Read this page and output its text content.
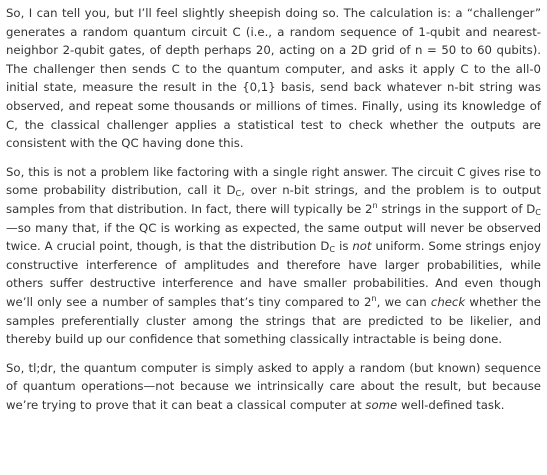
So, I can tell you, but I’ll feel slightly sheepish doing so. The calculation is: a “challenger” generates a random quantum circuit C (i.e., a random sequence of 1-qubit and nearest-neighbor 2-qubit gates, of depth perhaps 20, acting on a 2D grid of n = 50 to 60 qubits). The challenger then sends C to the quantum computer, and asks it apply C to the all-0 initial state, measure the result in the {0,1} basis, send back whatever n-bit string was observed, and repeat some thousands or millions of times. Finally, using its knowledge of C, the classical challenger applies a statistical test to check whether the outputs are consistent with the QC having done this.

So, this is not a problem like factoring with a single right answer. The circuit C gives rise to some probability distribution, call it $D_C$, over n-bit strings, and the problem is to output samples from that distribution. In fact, there will typically be 2$^n$ strings in the support of $D_C—so$ many that, if the QC is working as expected, the same output will never be observed twice. A crucial point, though, is that the distribution $D_C$ is not uniform. Some strings enjoy constructive interference of amplitudes and therefore have larger probabilities, while others suffer destructive interference and have smaller probabilities. And even though we’ll only see a number of samples that’s tiny compared to 2$^n$, we can check whether the samples preferentially cluster among the strings that are predicted to be likelier, and thereby build up our confidence that something classically intractable is being done.

So, tl;dr, the quantum computer is simply asked to apply a random (but known) sequence of quantum operations—not because we intrinsically care about the result, but because we’re trying to prove that it can beat a classical computer at some well-defined task.
